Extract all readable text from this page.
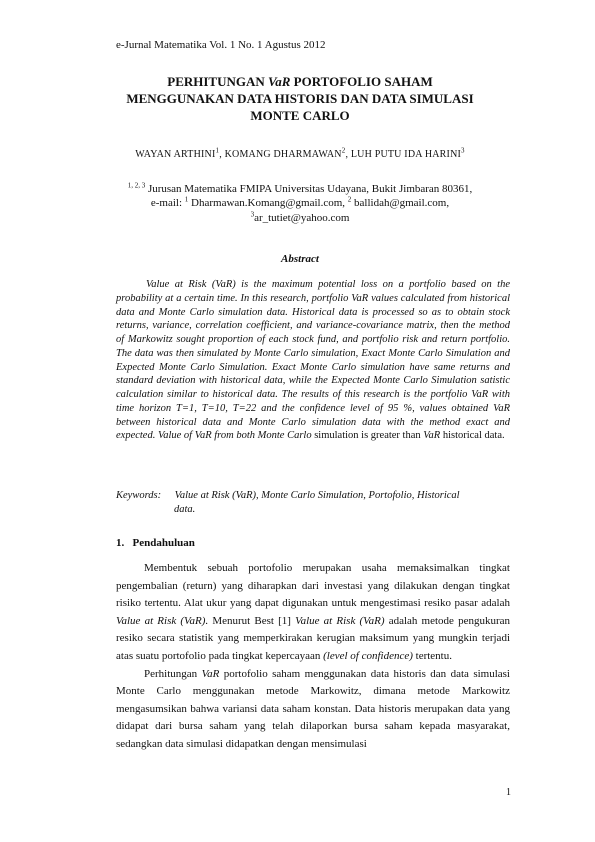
e-Jurnal Matematika Vol. 1 No. 1 Agustus 2012
PERHITUNGAN VaR PORTOFOLIO SAHAM
MENGGUNAKAN DATA HISTORIS DAN DATA SIMULASI
MONTE CARLO
WAYAN ARTHINI$^1$, KOMANG DHARMAWAN$^2$, LUH PUTU IDA HARINI$^3$
$^{1, 2, 3}$ Jurusan Matematika FMIPA Universitas Udayana, Bukit Jimbaran 80361,
e-mail: $^1$ Dharmawan.Komang@gmail.com, $^2$ ballidah@gmail.com,
$^3$ar_tutiet@yahoo.com
Abstract
Value at Risk (VaR) is the maximum potential loss on a portfolio based on the probability at a certain time. In this research, portfolio VaR values calculated from historical data and Monte Carlo simulation data. Historical data is processed so as to obtain stock returns, variance, correlation coefficient, and variance-covariance matrix, then the method of Markowitz sought proportion of each stock fund, and portfolio risk and return portfolio. The data was then simulated by Monte Carlo simulation, Exact Monte Carlo Simulation and Expected Monte Carlo Simulation. Exact Monte Carlo simulation have same returns and standard deviation with historical data, while the Expected Monte Carlo Simulation satistic calculation similar to historical data. The results of this research is the portfolio VaR with time horizon T=1, T=10, T=22 and the confidence level of 95 %, values obtained VaR between historical data and Monte Carlo simulation data with the method exact and expected. Value of VaR from both Monte Carlo simulation is greater than VaR historical data.
Keywords: Value at Risk (VaR), Monte Carlo Simulation, Portofolio, Historical
data.
1. Pendahuluan

Membentuk sebuah portofolio merupakan usaha memaksimalkan tingkat pengembalian (return) yang diharapkan dari investasi yang dilakukan dengan tingkat risiko tertentu. Alat ukur yang dapat digunakan untuk mengestimasi resiko pasar adalah Value at Risk (VaR). Menurut Best [1] Value at Risk (VaR) adalah metode pengukuran resiko secara statistik yang memperkirakan kerugian maksimum yang mungkin terjadi atas suatu portofolio pada tingkat kepercayaan (level of confidence) tertentu.

Perhitungan VaR portofolio saham menggunakan data historis dan data simulasi Monte Carlo menggunakan metode Markowitz, dimana metode Markowitz mengasumsikan bahwa variansi data saham konstan. Data historis merupakan data yang didapat dari bursa saham yang telah dilaporkan bursa saham kepada masyarakat, sedangkan data simulasi didapatkan dengan mensimulasi

1
